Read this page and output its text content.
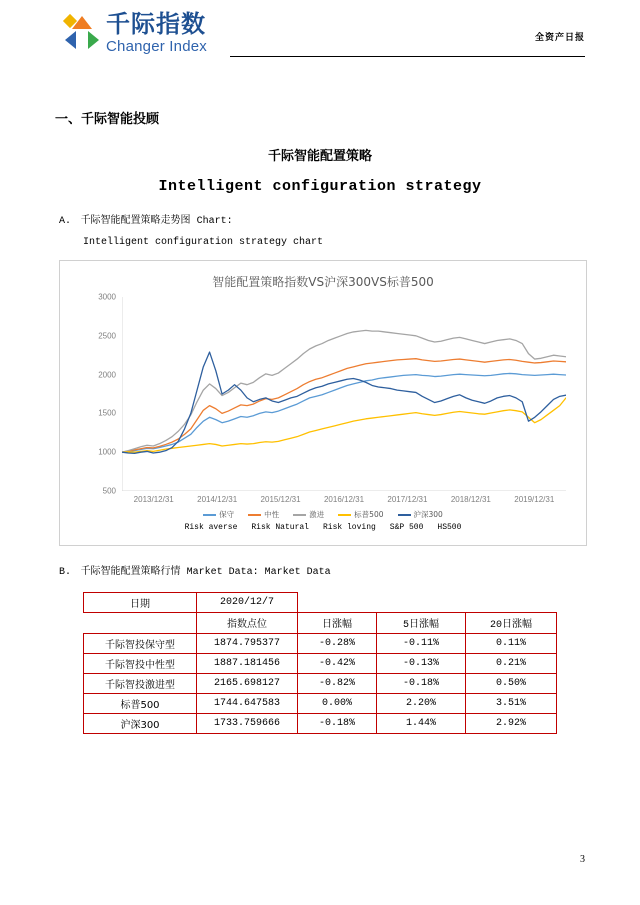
千际指数
Changer Index	全资产日报
一、千际智能投顾
千际智能配置策略
Intelligent configuration strategy
A. 千际智能配置策略走势图 Chart:
Intelligent configuration strategy chart
智能配置策略指数VS沪深300VS标普500
500
1000
1500
2000
2500
3000
2013/12/31	2014/12/31	2015/12/31	2016/12/31	2017/12/31	2018/12/31	2019/12/31
保守	中性	激进	标普500	沪深300
Risk averse Risk Natural Risk loving S&P 500 HS500
B. 千际智能配置策略行情 Market Data: Market Data
日期	2020/12/7			
	指数点位	日涨幅	5日涨幅	20日涨幅
千际智投保守型	1874.795377	-0.28%	-0.11%	0.11%
千际智投中性型	1887.181456	-0.42%	-0.13%	0.21%
千际智投激进型	2165.698127	-0.82%	-0.18%	0.50%
标普500	1744.647583	0.00%	2.20%	3.51%
沪深300	1733.759666	-0.18%	1.44%	2.92%
3
